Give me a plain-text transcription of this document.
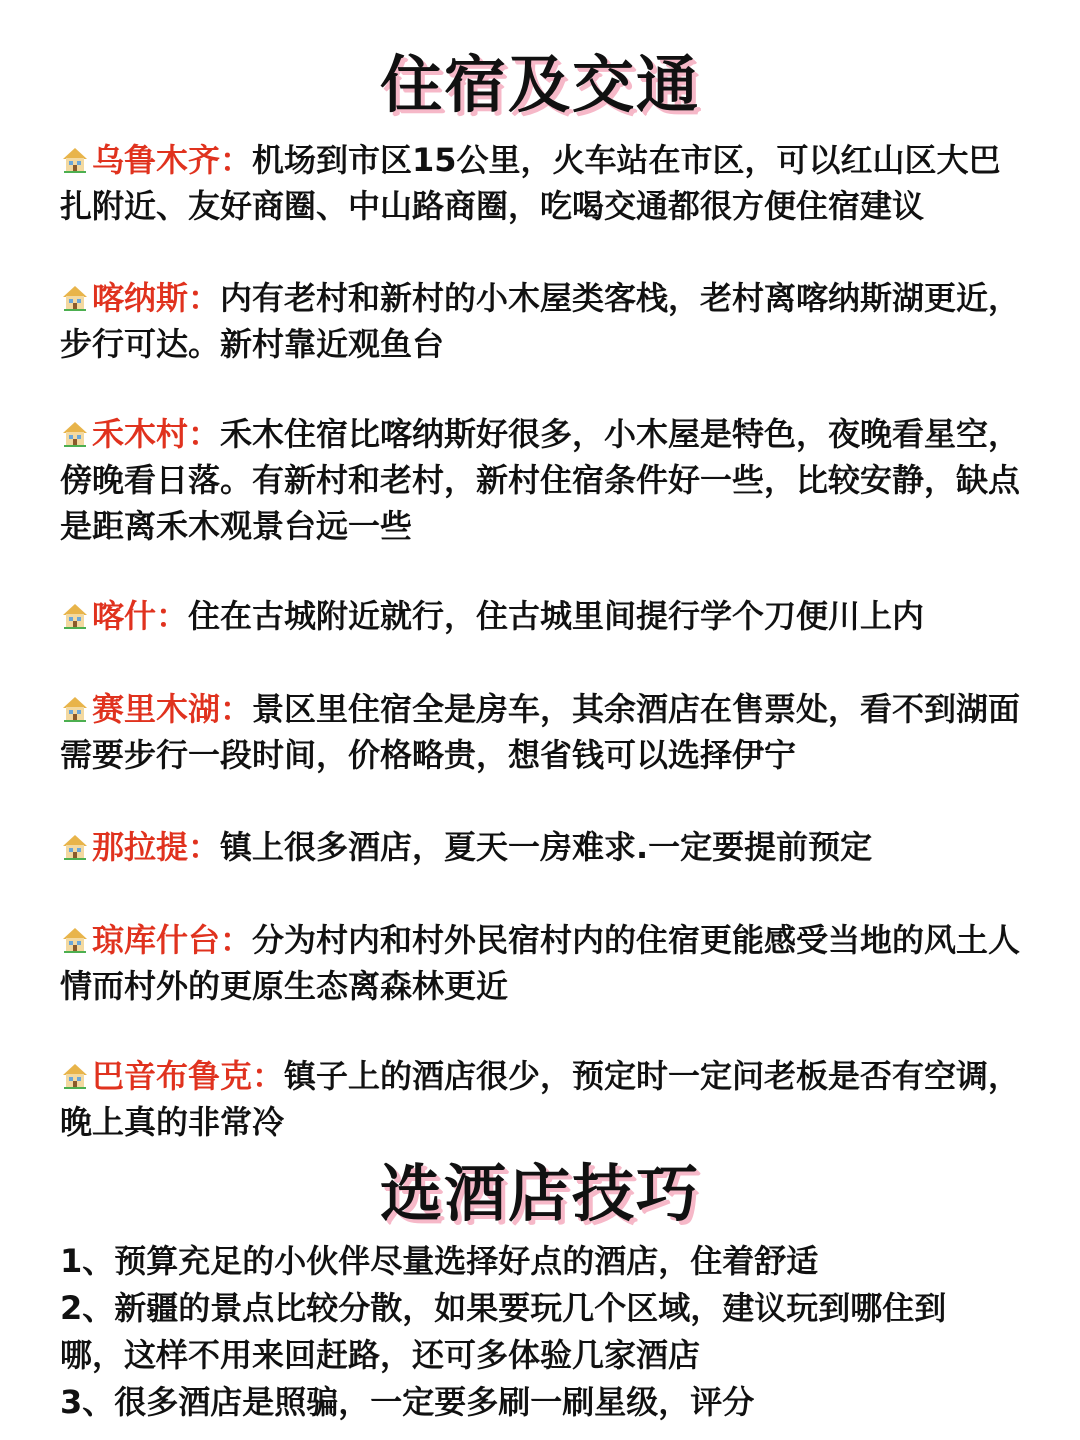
住宿及交通
乌鲁木齐：机场到市区15公里，火车站在市区，可以红山区大巴扎附近、友好商圈、中山路商圈，吃喝交通都很方便住宿建议
喀纳斯：内有老村和新村的小木屋类客栈，老村离喀纳斯湖更近，步行可达。新村靠近观鱼台
禾木村：禾木住宿比喀纳斯好很多，小木屋是特色，夜晚看星空，傍晚看日落。有新村和老村，新村住宿条件好一些，比较安静，缺点是距离禾木观景台远一些
喀什：住在古城附近就行，住古城里间提行学个刀便川上内
赛里木湖：景区里住宿全是房车，其余酒店在售票处，看不到湖面需要步行一段时间，价格略贵，想省钱可以选择伊宁
那拉提：镇上很多酒店，夏天一房难求.一定要提前预定
琼库什台：分为村内和村外民宿村内的住宿更能感受当地的风土人情而村外的更原生态离森林更近
巴音布鲁克：镇子上的酒店很少，预定时一定问老板是否有空调，晚上真的非常冷
选酒店技巧
1、预算充足的小伙伴尽量选择好点的酒店，住着舒适
2、新疆的景点比较分散，如果要玩几个区域，建议玩到哪住到哪，这样不用来回赶路，还可多体验几家酒店
3、很多酒店是照骗，一定要多刷一刷星级，评分
